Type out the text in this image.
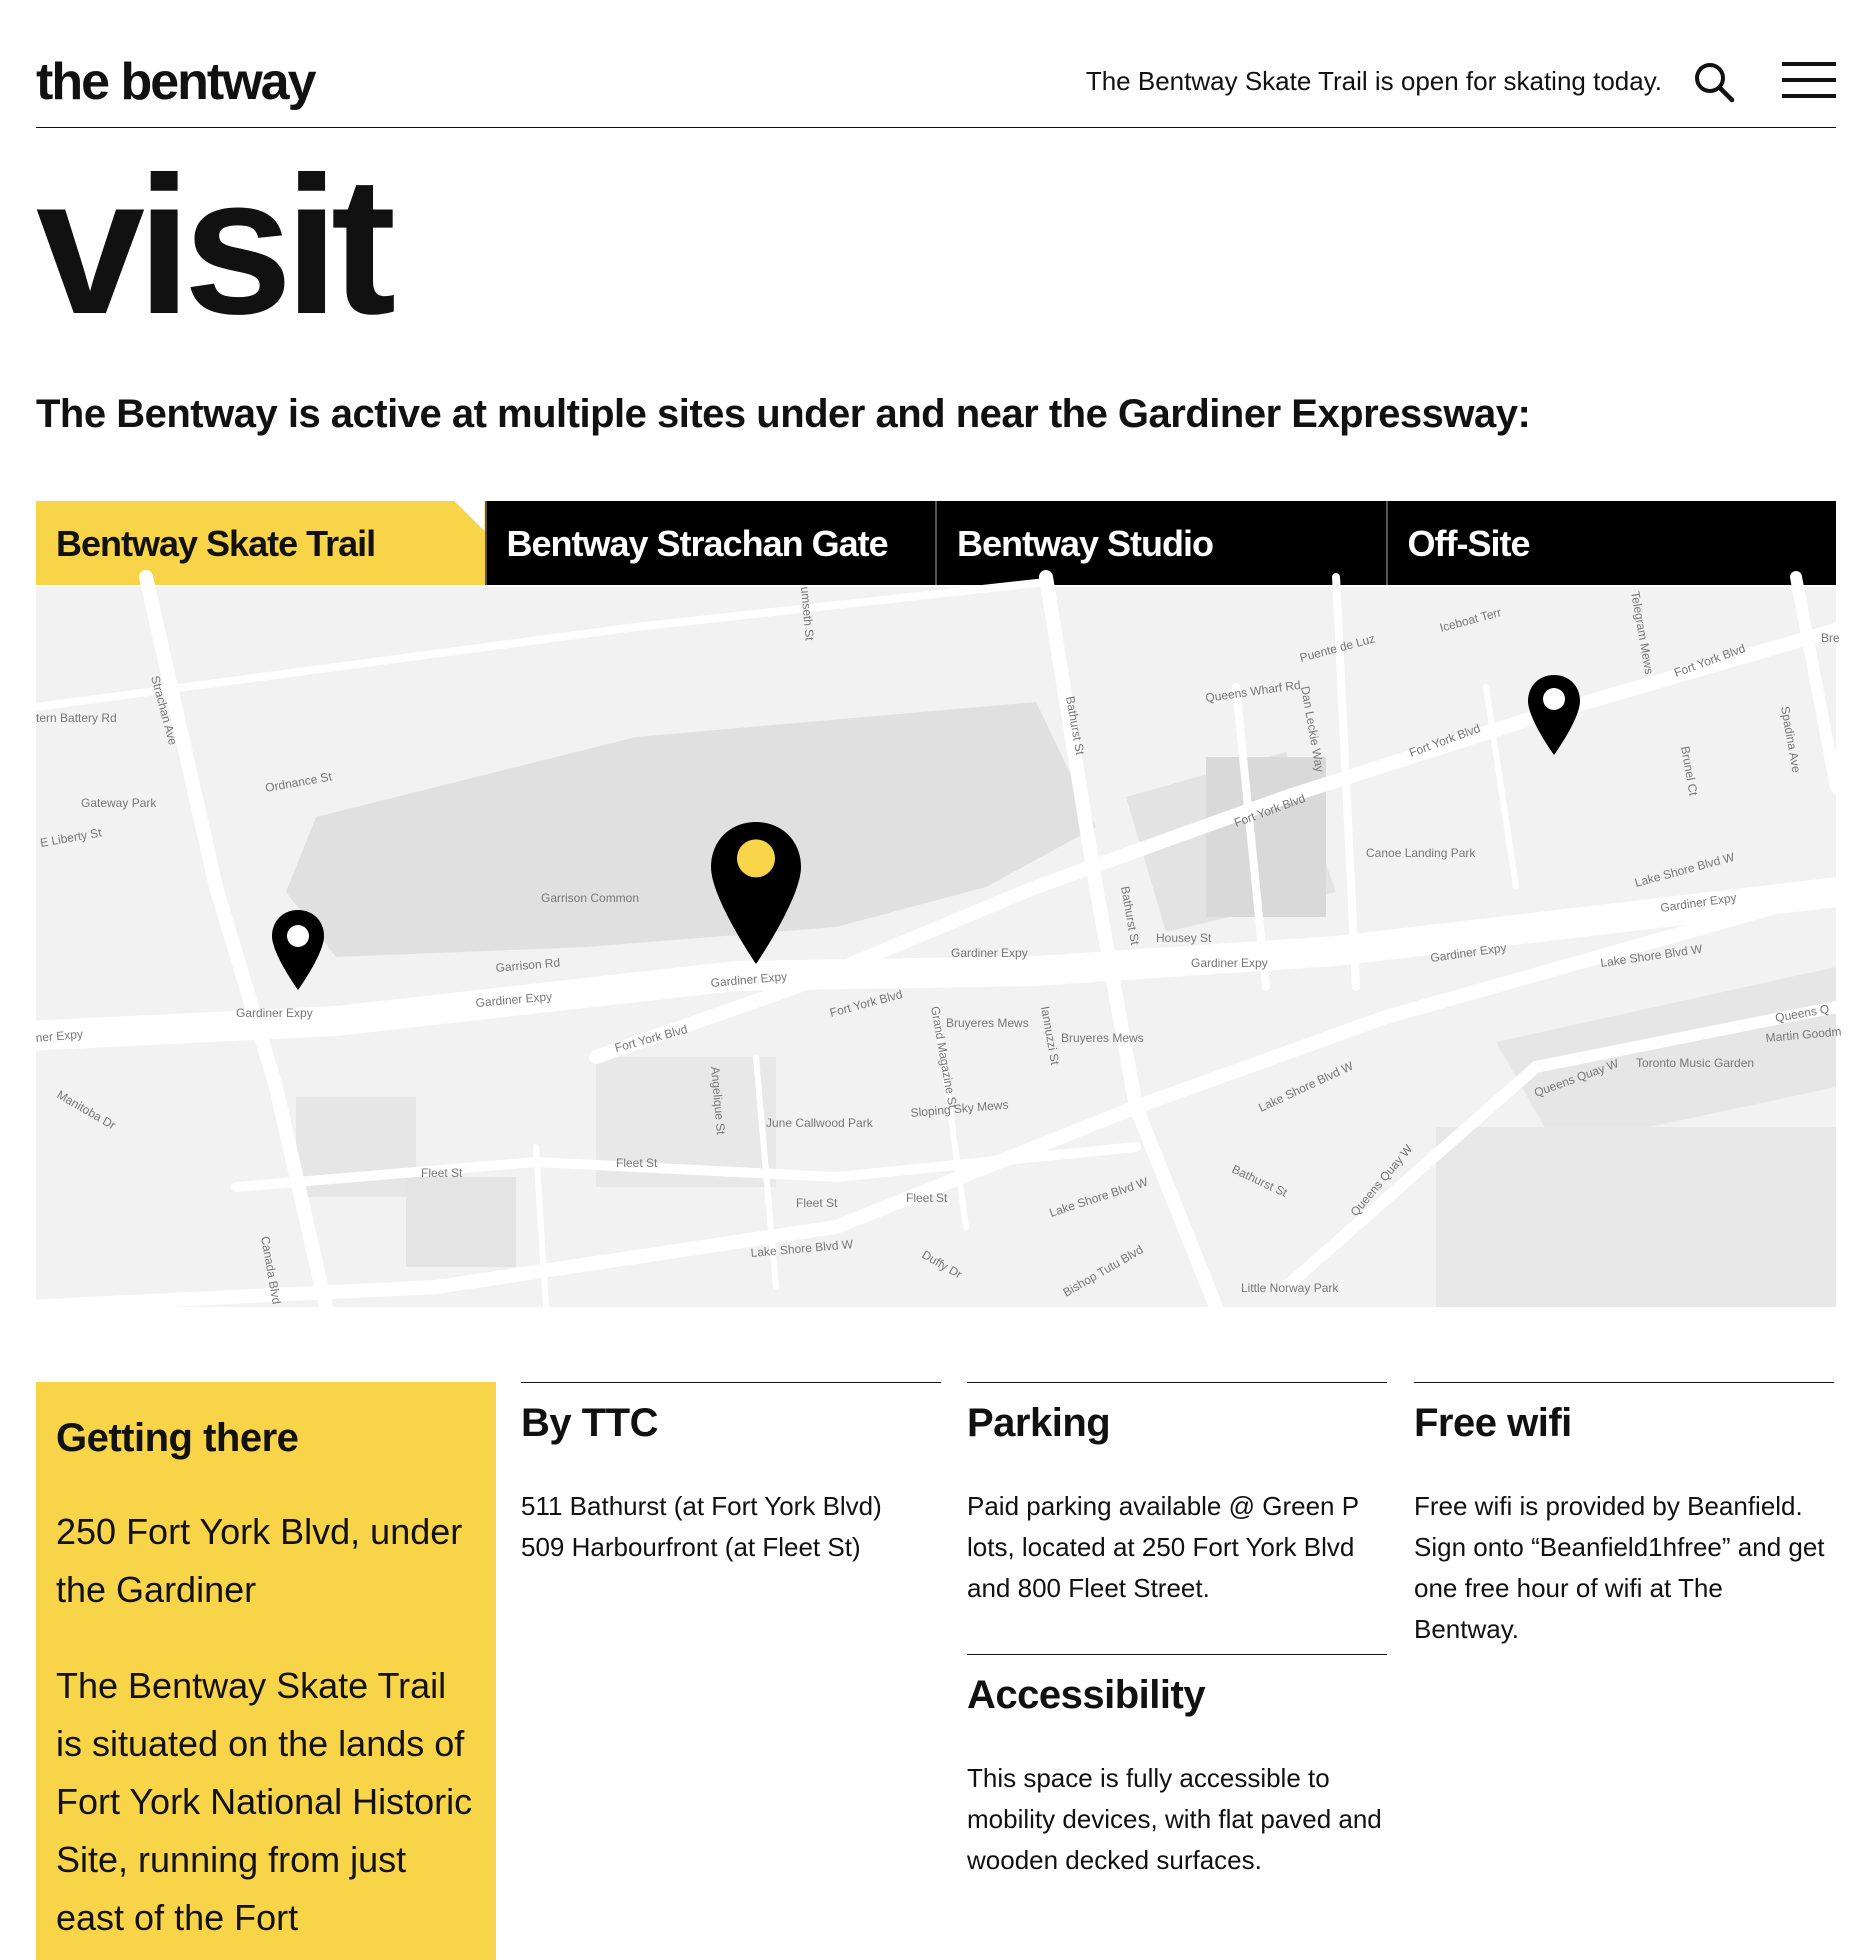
the bentway	The Bentway Skate Trail is open for skating today.
visit

The Bentway is active at multiple sites under and near the Gardiner Expressway:

Bentway Skate Trail	Bentway Strachan Gate	Bentway Studio	Off-Site
Strachan Ave
tern Battery Rd
Gateway Park
E Liberty St
Ordnance St
Garrison Common
Garrison Rd
Gardiner Expy
Gardiner Expy
Gardiner Expy
Gardiner Expy
Gardiner Expy	Gardiner Expy
Gardiner Expy
ner Expy
Bathurst St
Bathurst St
Fort York Blvd
Fort York Blvd
Fort York Blvd
Fort York Blvd
Fort York Blvd
Queens Wharf Rd
Dan Leckie Way
Puente de Luz
Iceboat Terr	Telegram Mews
Spadina Ave
Brunel Ct
Canoe Landing Park	Lake Shore Blvd W
Lake Shore Blvd W
Lake Shore Blvd W
Lake Shore Blvd W
Lake Shore Blvd W
Housey St
Bruyeres Mews
Bruyeres Mews
Grand Magazine St	Iannuzzi St
Sloping Sky Mews
June Callwood Park
Angelique St
Fleet St
Fleet St
Fleet St	Fleet St
Manitoba Dr
Canada Blvd
Queens Quay W
Queens Quay W
Toronto Music Garden
Martin Goodm
Little Norway Park
Bishop Tutu Blvd
Duffy Dr
Bathurst St
Queens Q
Bre
umseth St
Getting there

250 Fort York Blvd, under the Gardiner

The Bentway Skate Trail is situated on the lands of Fort York National Historic Site, running from just east of the Fort

By TTC

511 Bathurst (at Fort York Blvd)
509 Harbourfront (at Fleet St)

Parking

Paid parking available @ Green P lots, located at 250 Fort York Blvd and 800 Fleet Street.

Accessibility

This space is fully accessible to mobility devices, with flat paved and wooden decked surfaces.

Free wifi

Free wifi is provided by Beanfield. Sign onto “Beanfield1hfree” and get one free hour of wifi at The Bentway.
